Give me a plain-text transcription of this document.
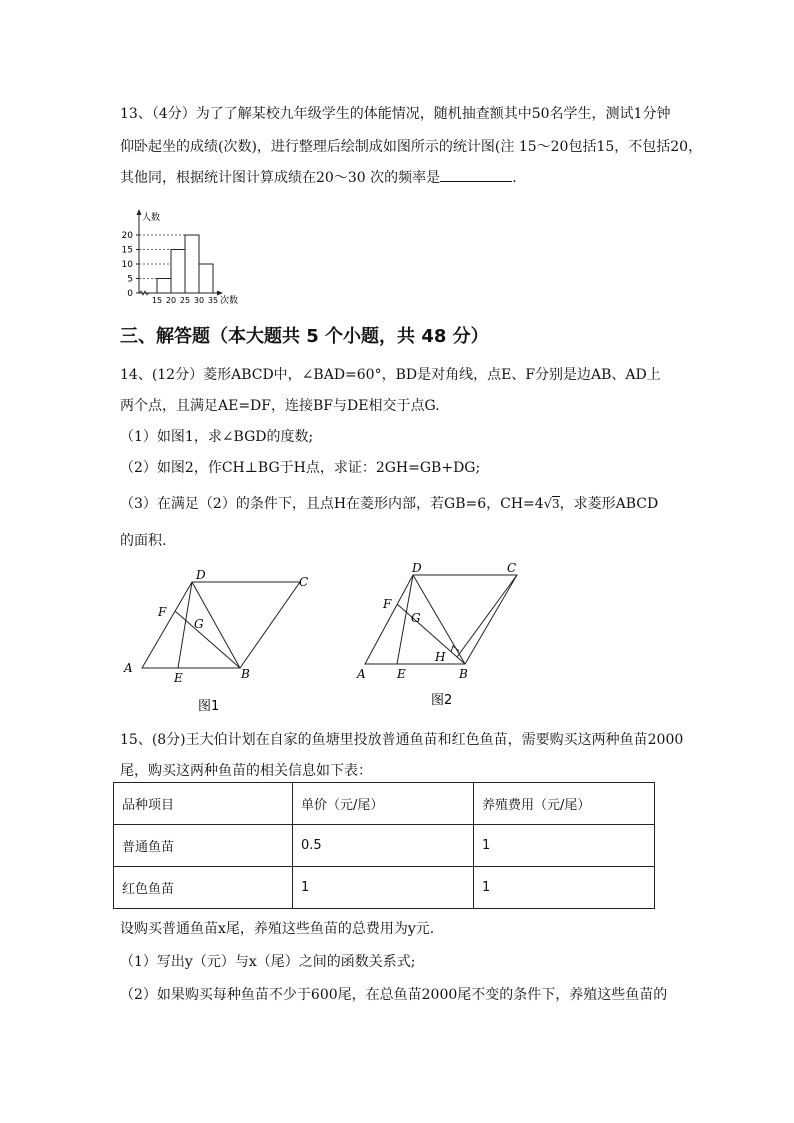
13、（4分）为了了解某校九年级学生的体能情况，随机抽查额其中50名学生，测试1分钟
仰卧起坐的成绩(次数)，进行整理后绘制成如图所示的统计图(注 15～20包括15，不包括20，
其他同，根据统计图计算成绩在20～30 次的频率是	.
人数
次数
0
5
10
15
20
15 20 25 30 35
三、解答题（本大题共 5 个小题，共 48 分）
14、(12分）菱形ABCD中，∠BAD=60°，BD是对角线，点E、F分别是边AB、AD上
两个点，且满足AE=DF，连接BF与DE相交于点G.
（1）如图1，求∠BGD的度数;
（2）如图2，作CH⊥BG于H点，求证：2GH=GB+DG;
（3）在满足（2）的条件下，且点H在菱形内部，若GB=6，CH=4√3，求菱形ABCD
的面积.
D	C
F
G
A
E	B
图1
D	C
F
G
H
A	E	B
图2
15、(8分)王大伯计划在自家的鱼塘里投放普通鱼苗和红色鱼苗，需要购买这两种鱼苗2000
尾，购买这两种鱼苗的相关信息如下表：
品种项目	单价（元/尾）	养殖费用（元/尾）
普通鱼苗	0.5	1
红色鱼苗	1	1
设购买普通鱼苗x尾，养殖这些鱼苗的总费用为y元.
（1）写出y（元）与x（尾）之间的函数关系式;
（2）如果购买每种鱼苗不少于600尾，在总鱼苗2000尾不变的条件下，养殖这些鱼苗的
